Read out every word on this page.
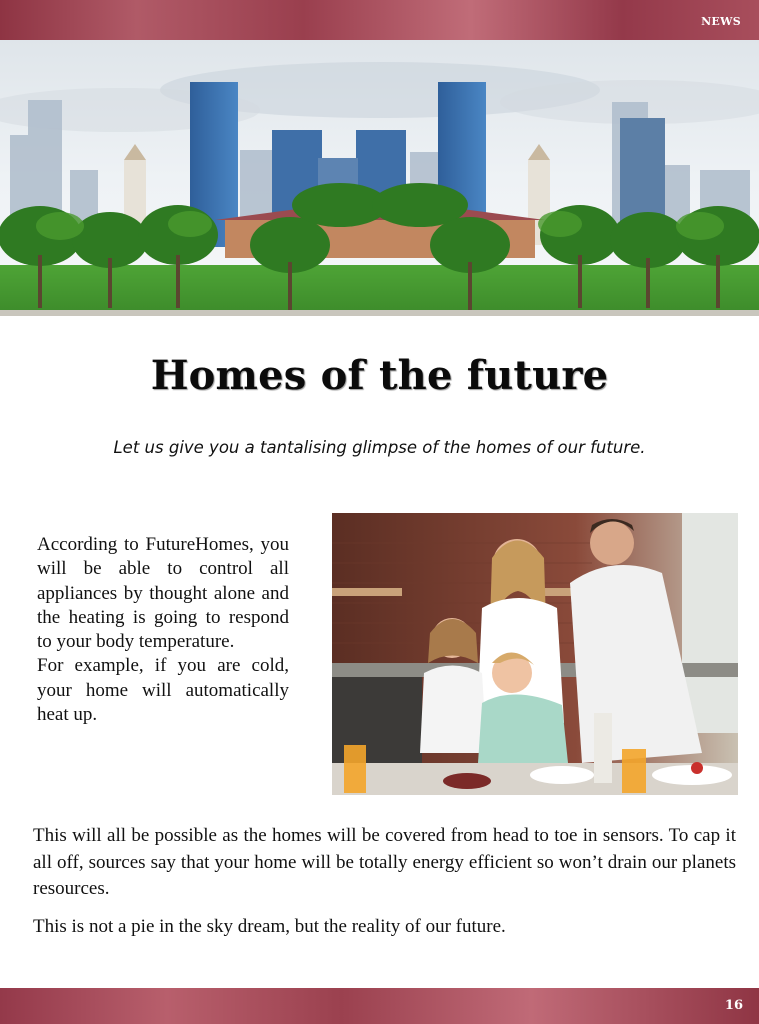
NEWS
Homes of the future

Let us give you a tantalising glimpse of the homes of our future.

According to FutureHomes, you will be able to control all appliances by thought alone and the heating is going to respond to your body temperature.

For example, if you are cold, your home will automatically heat up.

This will all be possible as the homes will be covered from head to toe in sensors. To cap it all off, sources say that your home will be totally energy efficient so won’t drain our planets resources.

This is not a pie in the sky dream, but the reality of our future.

16
